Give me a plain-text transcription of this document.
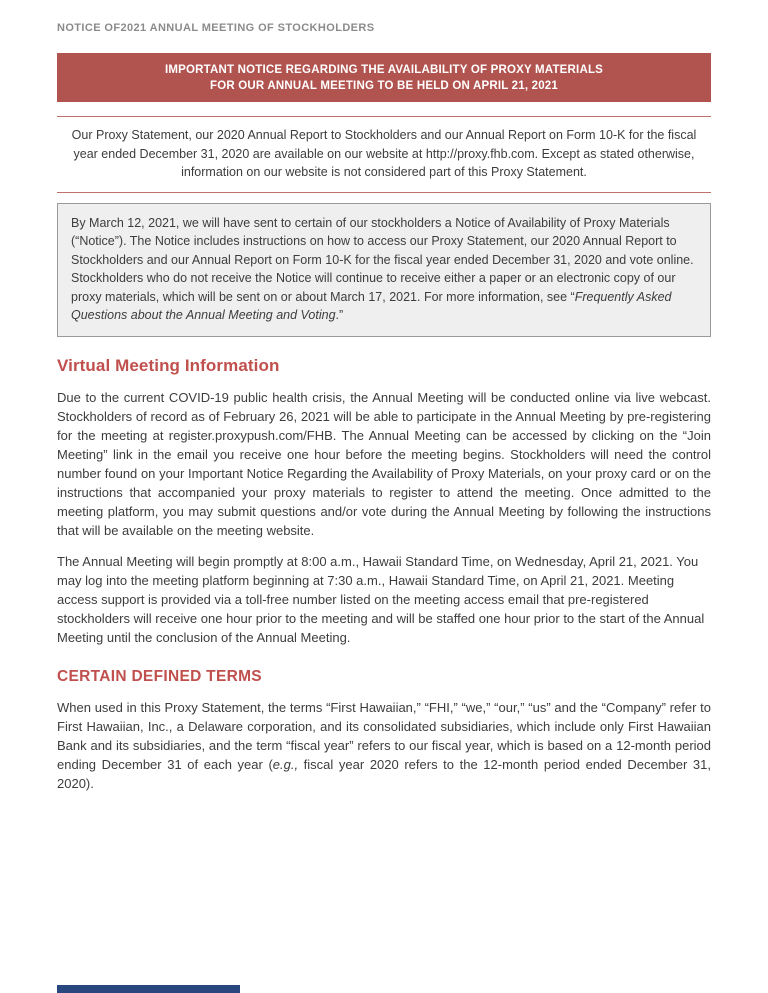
NOTICE OF2021 ANNUAL MEETING OF STOCKHOLDERS
IMPORTANT NOTICE REGARDING THE AVAILABILITY OF PROXY MATERIALS
FOR OUR ANNUAL MEETING TO BE HELD ON APRIL 21, 2021
Our Proxy Statement, our 2020 Annual Report to Stockholders and our Annual Report on Form 10-K for the fiscal year ended December 31, 2020 are available on our website at http://proxy.fhb.com. Except as stated otherwise, information on our website is not considered part of this Proxy Statement.
By March 12, 2021, we will have sent to certain of our stockholders a Notice of Availability of Proxy Materials (“Notice”). The Notice includes instructions on how to access our Proxy Statement, our 2020 Annual Report to Stockholders and our Annual Report on Form 10-K for the fiscal year ended December 31, 2020 and vote online. Stockholders who do not receive the Notice will continue to receive either a paper or an electronic copy of our proxy materials, which will be sent on or about March 17, 2021. For more information, see “Frequently Asked Questions about the Annual Meeting and Voting.”
Virtual Meeting Information

Due to the current COVID-19 public health crisis, the Annual Meeting will be conducted online via live webcast. Stockholders of record as of February 26, 2021 will be able to participate in the Annual Meeting by pre-registering for the meeting at register.proxypush.com/FHB. The Annual Meeting can be accessed by clicking on the “Join Meeting” link in the email you receive one hour before the meeting begins. Stockholders will need the control number found on your Important Notice Regarding the Availability of Proxy Materials, on your proxy card or on the instructions that accompanied your proxy materials to register to attend the meeting. Once admitted to the meeting platform, you may submit questions and/or vote during the Annual Meeting by following the instructions that will be available on the meeting website.

The Annual Meeting will begin promptly at 8:00 a.m., Hawaii Standard Time, on Wednesday, April 21, 2021. You may log into the meeting platform beginning at 7:30 a.m., Hawaii Standard Time, on April 21, 2021. Meeting access support is provided via a toll-free number listed on the meeting access email that pre-registered stockholders will receive one hour prior to the meeting and will be staffed one hour prior to the start of the Annual Meeting until the conclusion of the Annual Meeting.

CERTAIN DEFINED TERMS

When used in this Proxy Statement, the terms “First Hawaiian,” “FHI,” “we,” “our,” “us” and the “Company” refer to First Hawaiian, Inc., a Delaware corporation, and its consolidated subsidiaries, which include only First Hawaiian Bank and its subsidiaries, and the term “fiscal year” refers to our fiscal year, which is based on a 12-month period ending December 31 of each year (e.g., fiscal year 2020 refers to the 12-month period ended December 31, 2020).
